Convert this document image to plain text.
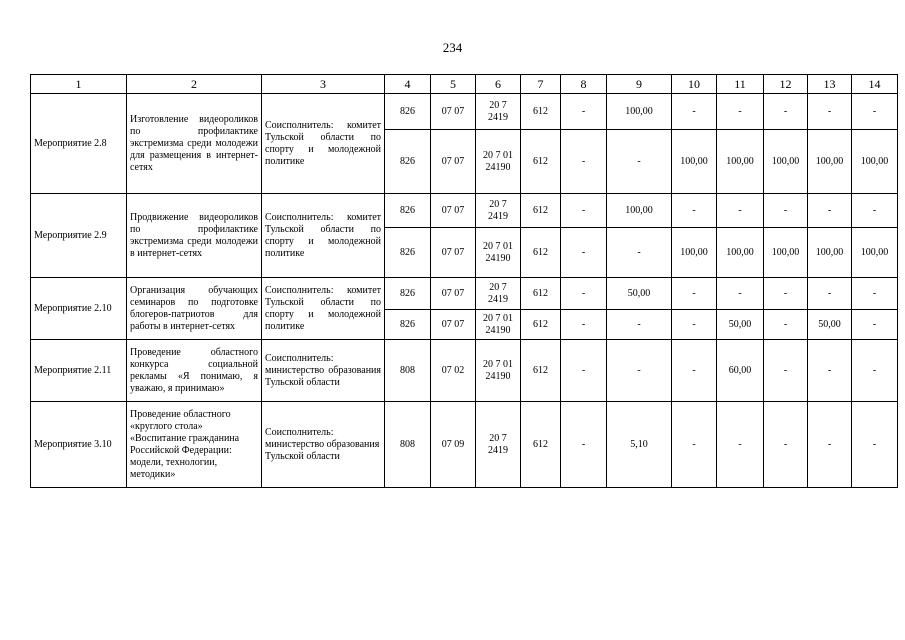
234
1	2	3	4	5	6	7	8	9	10	11	12	13	14
Мероприятие 2.8	Изготовление видеороликов по профилактике экстремизма среди молодежи для размещения в интернет-сетях	Соисполнитель: комитет Тульской области по спорту и молодежной политике	826	07 07	20 7 2419	612	-	100,00	-	-	-	-	-
			826	07 07	20 7 01 24190	612	-	-	100,00	100,00	100,00	100,00	100,00
Мероприятие 2.9	Продвижение видеороликов по профилактике экстремизма среди молодежи в интернет-сетях	Соисполнитель: комитет Тульской области по спорту и молодежной политике	826	07 07	20 7 2419	612	-	100,00	-	-	-	-	-
			826	07 07	20 7 01 24190	612	-	-	100,00	100,00	100,00	100,00	100,00
Мероприятие 2.10	Организация обучающих семинаров по подготовке блогеров-патриотов для работы в интернет-сетях	Соисполнитель: комитет Тульской области по спорту и молодежной политике	826	07 07	20 7 2419	612	-	50,00	-	-	-	-	-
			826	07 07	20 7 01 24190	612	-	-	-	50,00	-	50,00	-
Мероприятие 2.11	Проведение областного конкурса социальной рекламы «Я понимаю, я уважаю, я принимаю»	Соисполнитель: министерство образования Тульской области	808	07 02	20 7 01 24190	612	-	-	-	60,00	-	-	-
Мероприятие 3.10	Проведение областного «круглого стола» «Воспитание гражданина Российской Федерации: модели, технологии, методики»	Соисполнитель: министерство образования Тульской области	808	07 09	20 7 2419	612	-	5,10	-	-	-	-	-
